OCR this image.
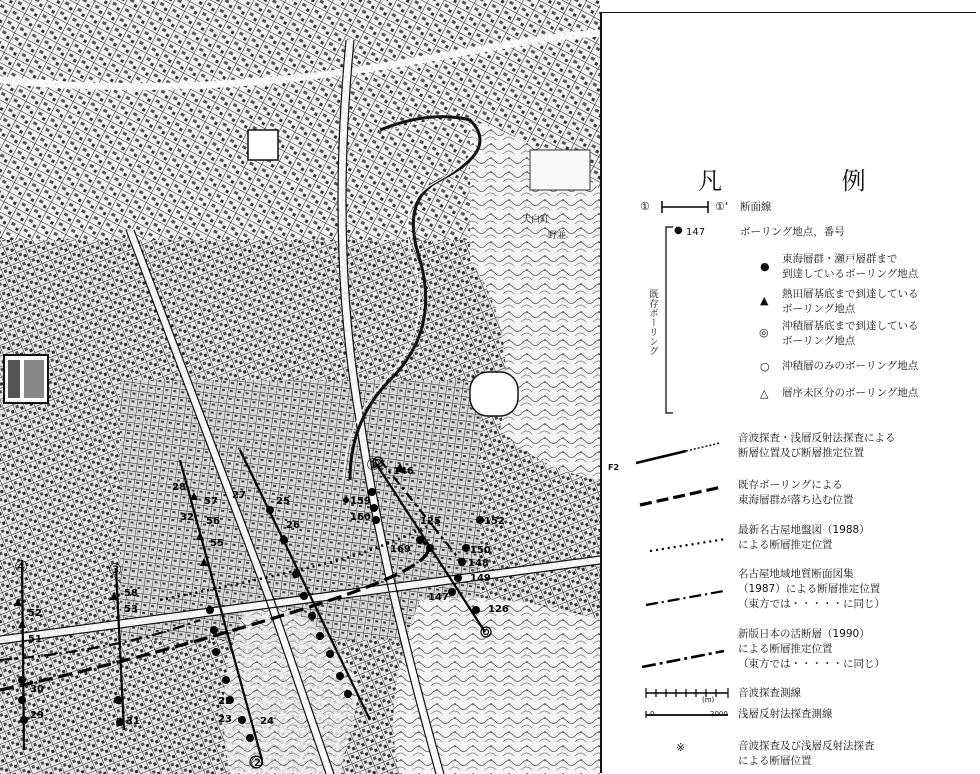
天白町
野並
④	③
②
① 146
150
152
149
147
148
159
160
169
125
126
51
52	53
58
57
56
55
22
23	24
25
26
27
28
29
30
31
32
凡 例
①	①' 断面線
● 147	ボーリング地点，番号
既存ボーリング
●
東海層群・瀬戸層群まで
到達しているボーリング地点
▲ 熱田層基底まで到達している
ボーリング地点
◎ 沖積層基底まで到達している
ボーリング地点
○ 沖積層のみのボーリング地点
△ 層序未区分のボーリング地点
F2
音波探査・浅層反射法探査による
断層位置及び断層推定位置
既存ボーリングによる
東海層群が落ち込む位置
最新名古屋地盤図（1988）
による断層推定位置
名古屋地域地質断面図集
（1987）による断層推定位置
（東方では・・・・・に同じ）
新版日本の活断層（1990）
による断層推定位置
（東方では・・・・・に同じ）
0
(m)
2000
音波探査測線
浅層反射法探査測線
※	音波探査及び浅層反射法探査
による断層位置
